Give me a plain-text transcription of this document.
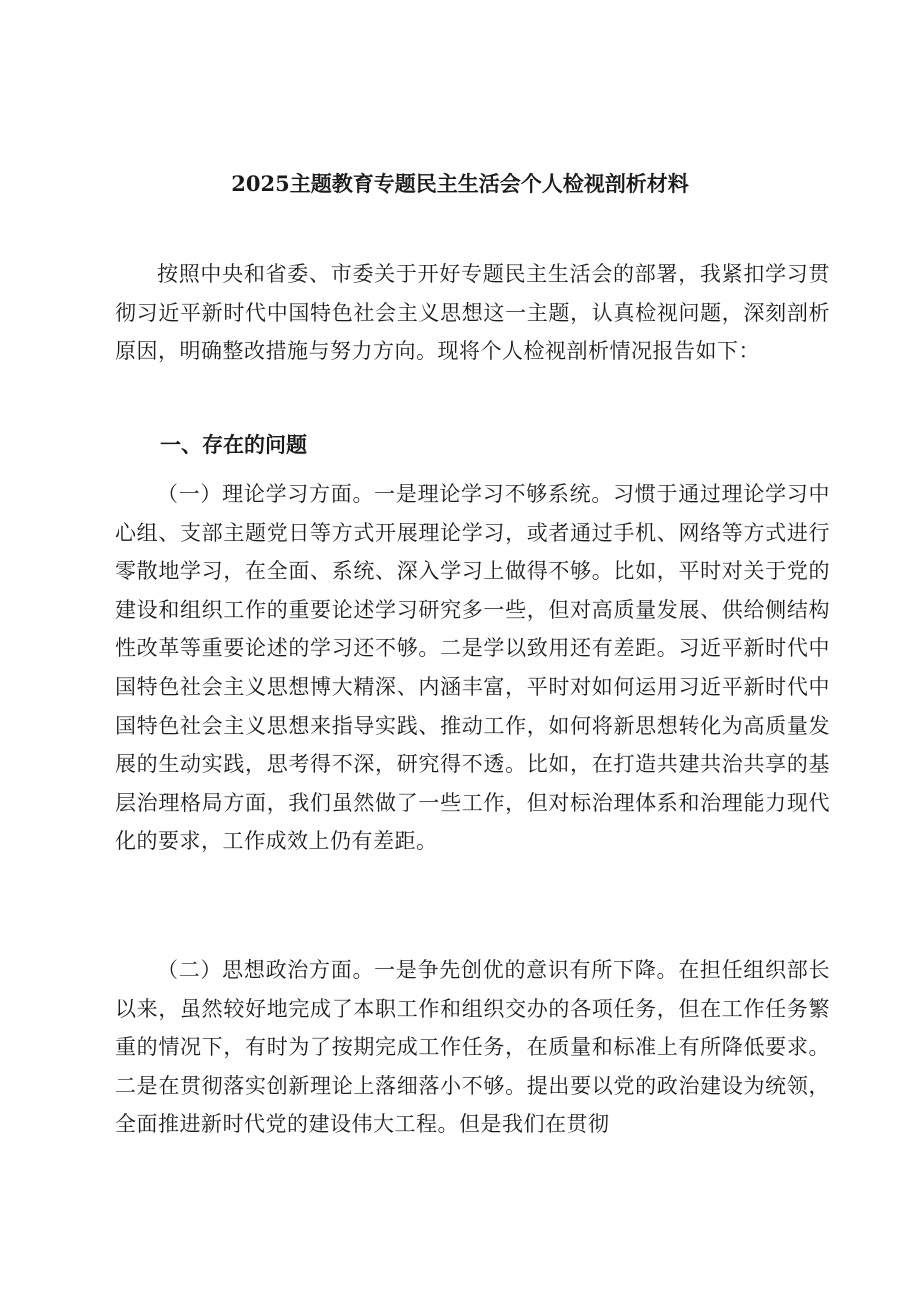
2025主题教育专题民主生活会个人检视剖析材料

按照中央和省委、市委关于开好专题民主生活会的部署，我紧扣学习贯彻习近平新时代中国特色社会主义思想这一主题，认真检视问题，深刻剖析原因，明确整改措施与努力方向。现将个人检视剖析情况报告如下：

一、存在的问题

（一）理论学习方面。一是理论学习不够系统。习惯于通过理论学习中心组、支部主题党日等方式开展理论学习，或者通过手机、网络等方式进行零散地学习，在全面、系统、深入学习上做得不够。比如，平时对关于党的建设和组织工作的重要论述学习研究多一些，但对高质量发展、供给侧结构性改革等重要论述的学习还不够。二是学以致用还有差距。习近平新时代中国特色社会主义思想博大精深、内涵丰富，平时对如何运用习近平新时代中国特色社会主义思想来指导实践、推动工作，如何将新思想转化为高质量发展的生动实践，思考得不深，研究得不透。比如，在打造共建共治共享的基层治理格局方面，我们虽然做了一些工作，但对标治理体系和治理能力现代化的要求，工作成效上仍有差距。

（二）思想政治方面。一是争先创优的意识有所下降。在担任组织部长以来，虽然较好地完成了本职工作和组织交办的各项任务，但在工作任务繁重的情况下，有时为了按期完成工作任务，在质量和标准上有所降低要求。二是在贯彻落实创新理论上落细落小不够。提出要以党的政治建设为统领，全面推进新时代党的建设伟大工程。但是我们在贯彻
